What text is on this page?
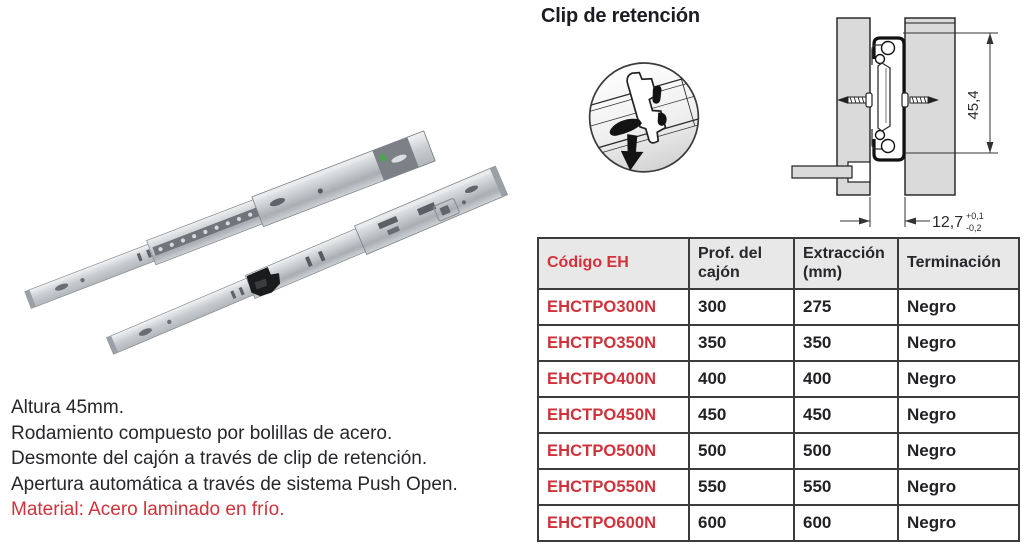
Clip de retención
45,4
12,7 +0,1
-0,2
Altura 45mm.
Rodamiento compuesto por bolillas de acero.
Desmonte del cajón a través de clip de retención.
Apertura automática a través de sistema Push Open.
Material: Acero laminado en frío.
Código EH	Prof. del cajón	Extracción (mm)	Terminación
EHCTPO300N	300	275	Negro
EHCTPO350N	350	350	Negro
EHCTPO400N	400	400	Negro
EHCTPO450N	450	450	Negro
EHCTPO500N	500	500	Negro
EHCTPO550N	550	550	Negro
EHCTPO600N	600	600	Negro
